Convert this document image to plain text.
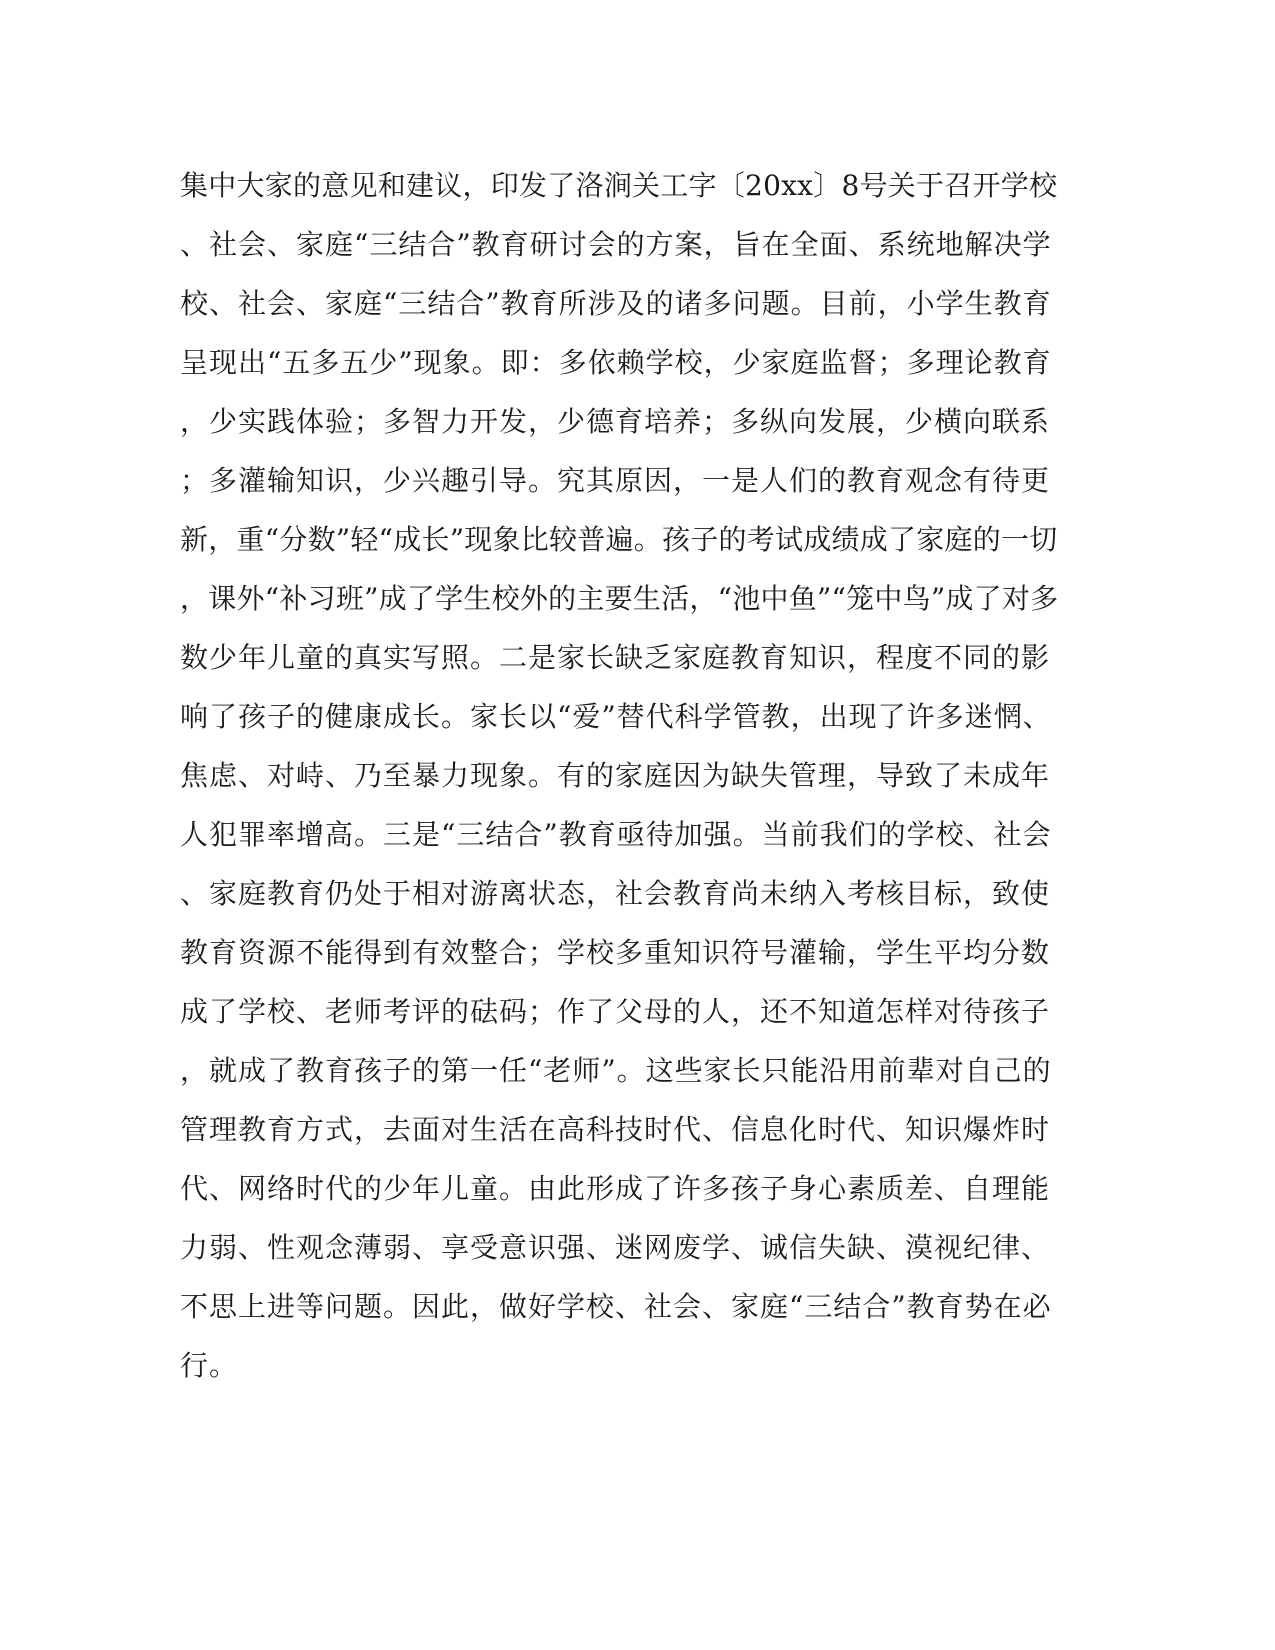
集中大家的意见和建议，印发了洛涧关工字〔20xx〕8号关于召开学校
、社会、家庭“三结合”教育研讨会的方案，旨在全面、系统地解决学
校、社会、家庭“三结合”教育所涉及的诸多问题。目前，小学生教育
呈现出“五多五少”现象。即：多依赖学校，少家庭监督；多理论教育
，少实践体验；多智力开发，少德育培养；多纵向发展，少横向联系
；多灌输知识，少兴趣引导。究其原因，一是人们的教育观念有待更
新，重“分数”轻“成长”现象比较普遍。孩子的考试成绩成了家庭的一切
，课外“补习班”成了学生校外的主要生活，“池中鱼”“笼中鸟”成了对多
数少年儿童的真实写照。二是家长缺乏家庭教育知识，程度不同的影
响了孩子的健康成长。家长以“爱”替代科学管教，出现了许多迷惘、
焦虑、对峙、乃至暴力现象。有的家庭因为缺失管理，导致了未成年
人犯罪率增高。三是“三结合”教育亟待加强。当前我们的学校、社会
、家庭教育仍处于相对游离状态，社会教育尚未纳入考核目标，致使
教育资源不能得到有效整合；学校多重知识符号灌输，学生平均分数
成了学校、老师考评的砝码；作了父母的人，还不知道怎样对待孩子
，就成了教育孩子的第一任“老师”。这些家长只能沿用前辈对自己的
管理教育方式，去面对生活在高科技时代、信息化时代、知识爆炸时
代、网络时代的少年儿童。由此形成了许多孩子身心素质差、自理能
力弱、性观念薄弱、享受意识强、迷网废学、诚信失缺、漠视纪律、
不思上进等问题。因此，做好学校、社会、家庭“三结合”教育势在必
行。
